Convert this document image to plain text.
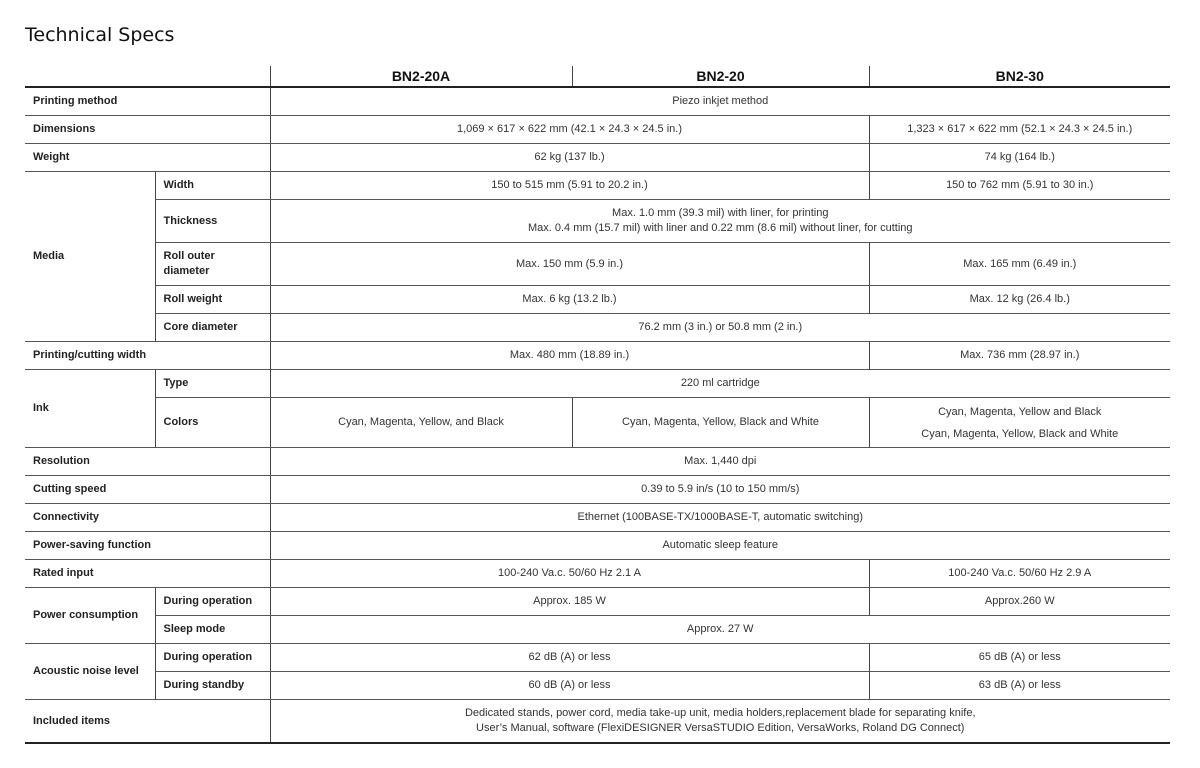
Technical Specs
		BN2-20A	BN2-20	BN2-30
Printing method		Piezo inkjet method		
Dimensions		1,069 × 617 × 622 mm (42.1 × 24.3 × 24.5 in.)		1,323 × 617 × 622 mm (52.1 × 24.3 × 24.5 in.)
Weight		62 kg (137 lb.)		74 kg (164 lb.)
Media	Width	150 to 515 mm (5.91 to 20.2 in.)		150 to 762 mm (5.91 to 30 in.)
	Thickness	Max. 1.0 mm (39.3 mil) with liner, for printing
Max. 0.4 mm (15.7 mil) with liner and 0.22 mm (8.6 mil) without liner, for cutting		

	Roll outer diameter	Max. 150 mm (5.9 in.)		Max. 165 mm (6.49 in.)
	Roll weight	Max. 6 kg (13.2 lb.)		Max. 12 kg (26.4 lb.)
	Core diameter	76.2 mm (3 in.) or 50.8 mm (2 in.)		
Printing/cutting width		Max. 480 mm (18.89 in.)		Max. 736 mm (28.97 in.)
Ink	Type	220 ml cartridge		
	Colors	Cyan, Magenta, Yellow, and Black	Cyan, Magenta, Yellow, Black and White	Cyan, Magenta, Yellow and Black
Cyan, Magenta, Yellow, Black and White

Resolution		Max. 1,440 dpi		
Cutting speed		0.39 to 5.9 in/s (10 to 150 mm/s)		
Connectivity		Ethernet (100BASE-TX/1000BASE-T, automatic switching)		
Power-saving function		Automatic sleep feature		
Rated input		100-240 Va.c. 50/60 Hz 2.1 A		100-240 Va.c. 50/60 Hz 2.9 A
Power consumption	During operation	Approx. 185 W		Approx.260 W
	Sleep mode	Approx. 27 W		
Acoustic noise level	During operation	62 dB (A) or less		65 dB (A) or less
	During standby	60 dB (A) or less		63 dB (A) or less
Included items		Dedicated stands, power cord, media take-up unit, media holders,replacement blade for separating knife,
User’s Manual, software (FlexiDESIGNER VersaSTUDIO Edition, VersaWorks, Roland DG Connect)		
